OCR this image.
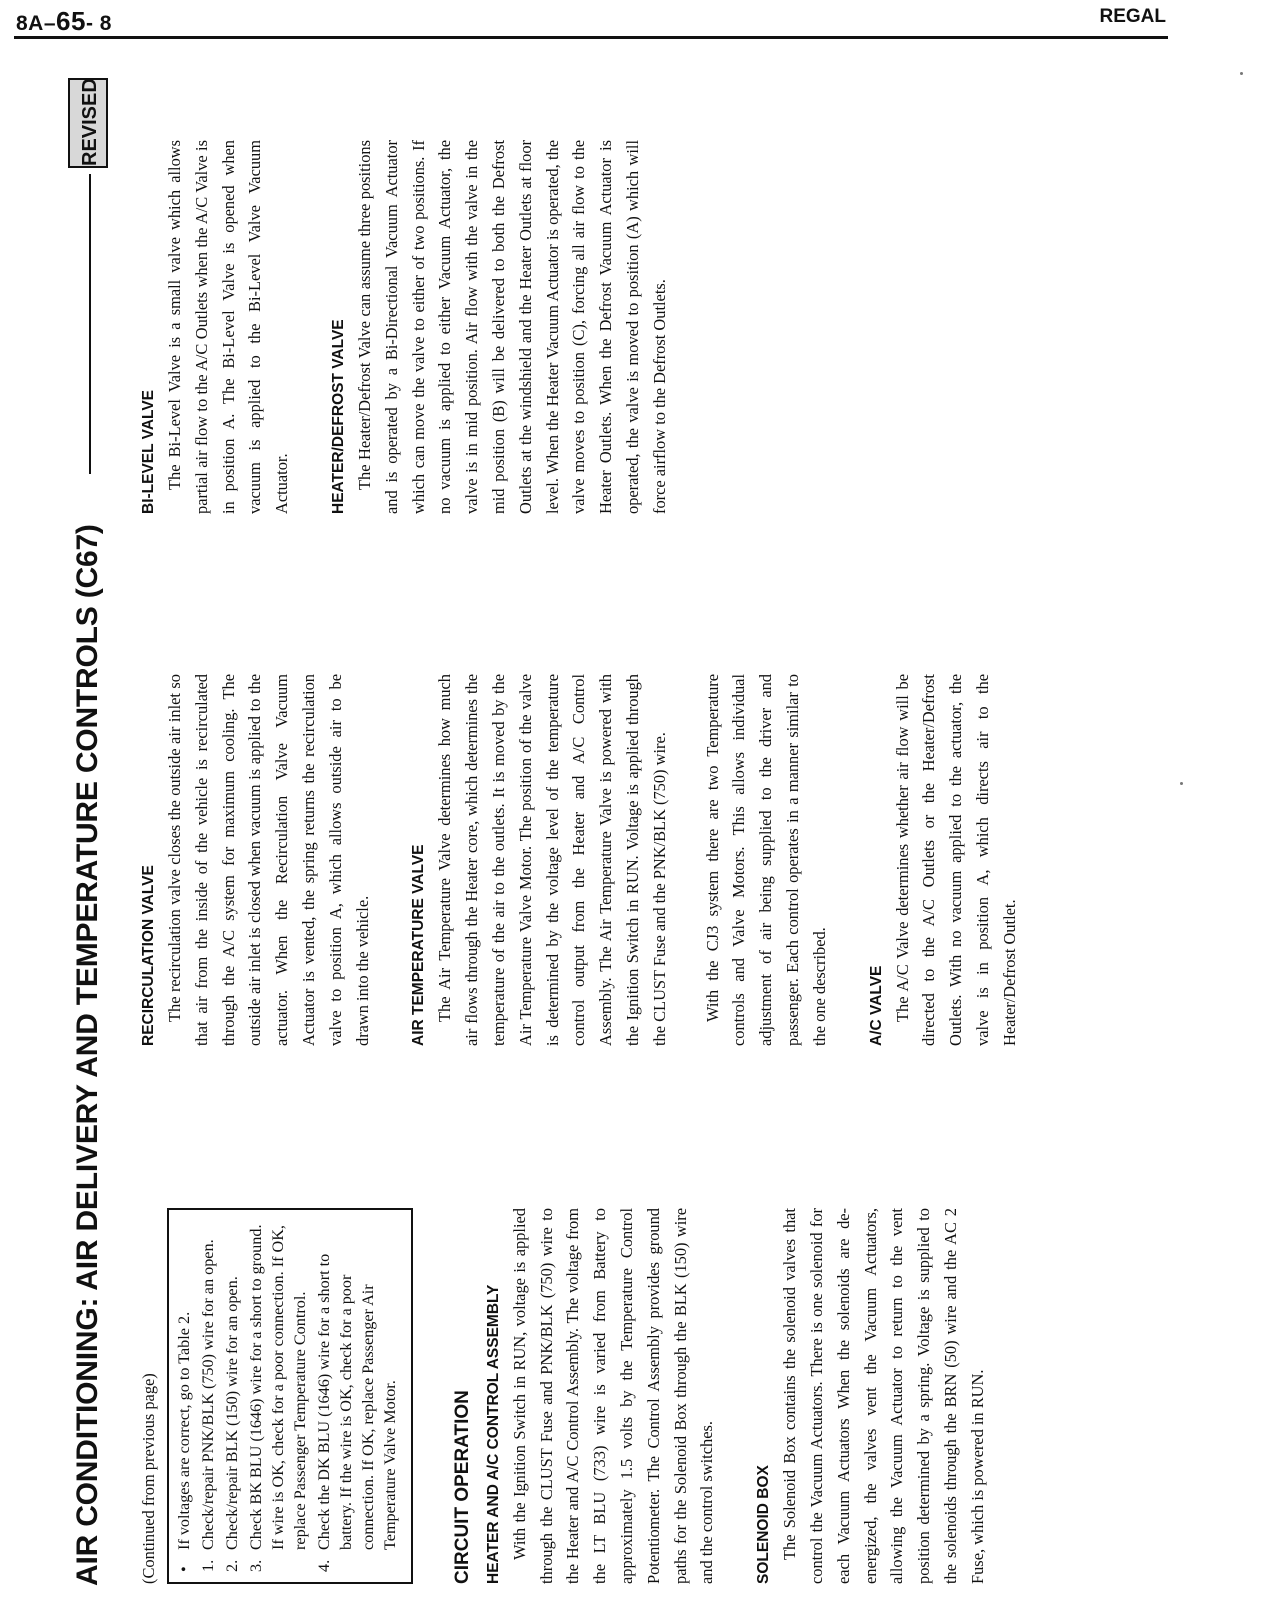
8A–65- 8	REGAL
AIR CONDITIONING: AIR DELIVERY AND TEMPERATURE CONTROLS (C67)
REVISED

(Continued from previous page) •
If voltages are correct, go to Table 2.
1.
Check/repair PNK/BLK (750) wire for an open.
2.
Check/repair BLK (150) wire for an open.
3.
Check BK BLU (1646) wire for a short to ground. If wire is OK, check for a poor connection. If OK, replace Passenger Temperature Control.
4.
Check the DK BLU (1646) wire for a short to battery. If the wire is OK, check for a poor connection. If OK, replace Passenger Air Temperature Valve Motor.	CIRCUIT OPERATION HEATER AND A/C CONTROL ASSEMBLY With the Ignition Switch in RUN, voltage is applied through the CLUST Fuse and PNK/BLK (750) wire to the Heater and A/C Control Assembly. The voltage from the LT BLU (733) wire is varied from Battery to approximately 1.5 volts by the Temperature Control Potentiometer. The Control Assembly provides ground paths for the Solenoid Box through the BLK (150) wire and the control switches.	SOLENOID BOX The Solenoid Box contains the solenoid valves that control the Vacuum Actuators. There is one solenoid for each Vacuum Actuators When the solenoids are de-energized, the valves vent the Vacuum Actuators, allowing the Vacuum Actuator to return to the vent position determined by a spring. Voltage is supplied to the solenoids through the BRN (50) wire and the AC 2 Fuse, which is powered in RUN.

RECIRCULATION VALVE The recirculation valve closes the outside air inlet so that air from the inside of the vehicle is recirculated through the A/C system for maximum cooling. The outside air inlet is closed when vacuum is applied to the actuator. When the Recirculation Valve Vacuum Actuator is vented, the spring returns the recirculation valve to position A, which allows outside air to be drawn into the vehicle.	AIR TEMPERATURE VALVE The Air Temperature Valve determines how much air flows through the Heater core, which determines the temperature of the air to the outlets. It is moved by the Air Temperature Valve Motor. The position of the valve is determined by the voltage level of the temperature control output from the Heater and A/C Control Assembly. The Air Temperature Valve is powered with the Ignition Switch in RUN. Voltage is applied through the CLUST Fuse and the PNK/BLK (750) wire. With the CJ3 system there are two Temperature controls and Valve Motors. This allows individual adjustment of air being supplied to the driver and passenger. Each control operates in a manner similar to the one described.	A/C VALVE The A/C Valve determines whether air flow will be directed to the A/C Outlets or the Heater/Defrost Outlets. With no vacuum applied to the actuator, the valve is in position A, which directs air to the Heater/Defrost Outlet.

BI-LEVEL VALVE The Bi-Level Valve is a small valve which allows partial air flow to the A/C Outlets when the A/C Valve is in position A. The Bi-Level Valve is opened when vacuum is applied to the Bi-Level Valve Vacuum Actuator.	HEATER/DEFROST VALVE The Heater/Defrost Valve can assume three positions and is operated by a Bi-Directional Vacuum Actuator which can move the valve to either of two positions. If no vacuum is applied to either Vacuum Actuator, the valve is in mid position. Air flow with the valve in the mid position (B) will be delivered to both the Defrost Outlets at the windshield and the Heater Outlets at floor level. When the Heater Vacuum Actuator is operated, the valve moves to position (C), forcing all air flow to the Heater Outlets. When the Defrost Vacuum Actuator is operated, the valve is moved to position (A) which will force airflow to the Defrost Outlets.
